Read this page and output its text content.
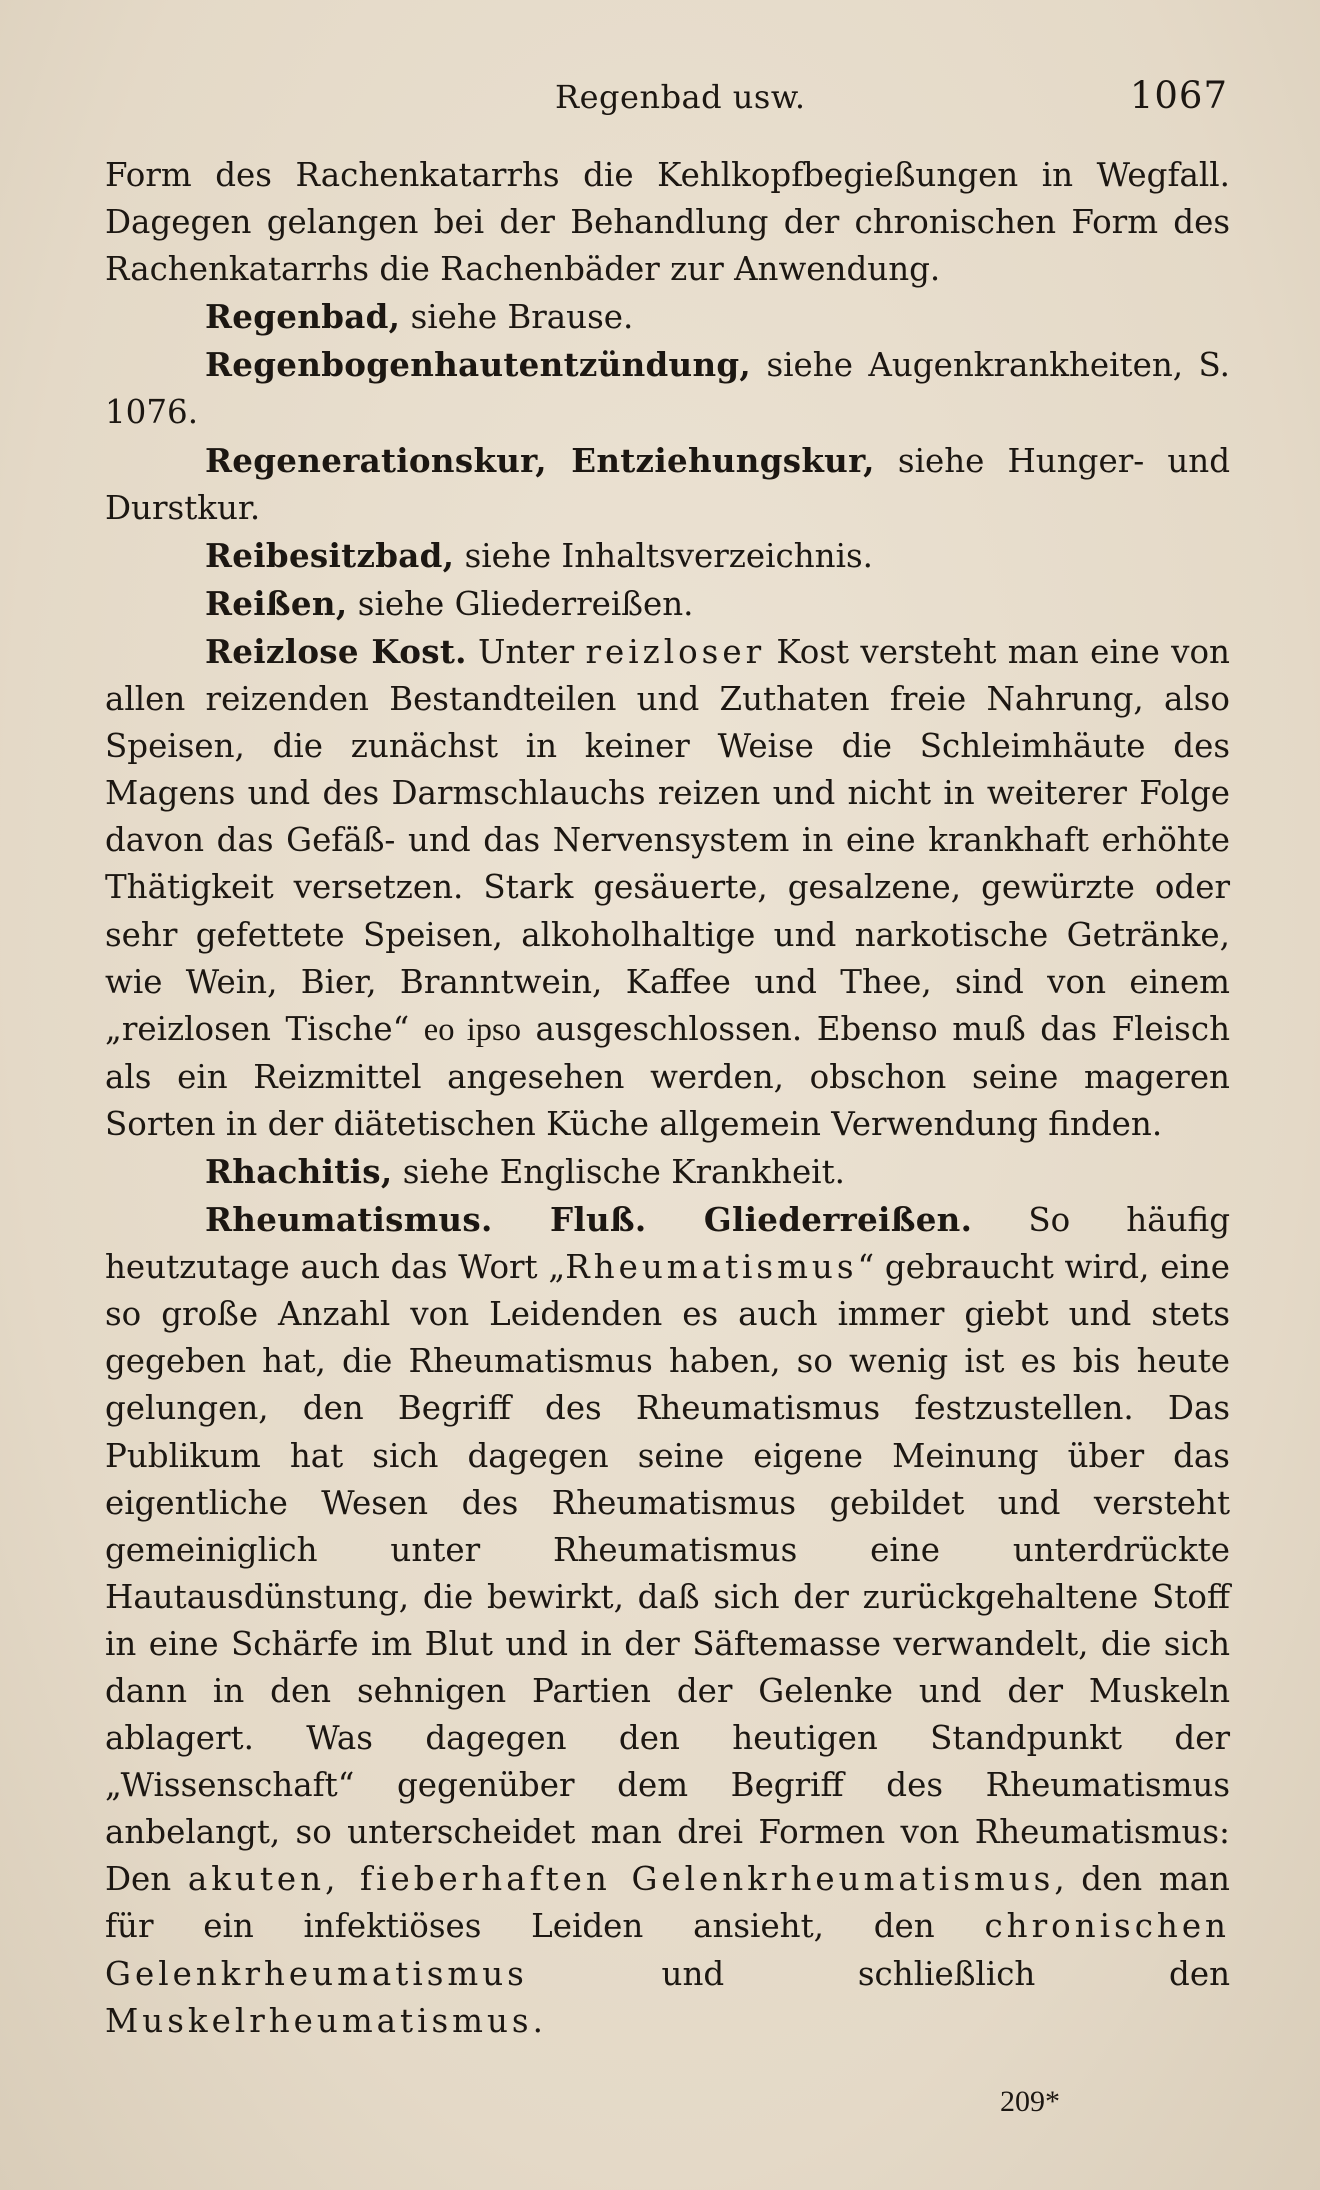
Regenbad usw.	1067

Form des Rachenkatarrhs die Kehlkopfbegießungen in Wegfall. Dagegen gelangen bei der Behandlung der chronischen Form des Rachenkatarrhs die Rachenbäder zur Anwendung.

Regenbad, siehe Brause.

Regenbogenhautentzündung, siehe Augenkrankheiten, S. 1076.

Regenerationskur, Entziehungskur, siehe Hunger- und Durstkur.

Reibesitzbad, siehe Inhaltsverzeichnis.

Reißen, siehe Gliederreißen.

Reizlose Kost. Unter reizloser Kost versteht man eine von allen reizenden Bestandteilen und Zuthaten freie Nahrung, also Speisen, die zunächst in keiner Weise die Schleimhäute des Magens und des Darmschlauchs reizen und nicht in weiterer Folge davon das Gefäß- und das Nervensystem in eine krankhaft erhöhte Thätigkeit versetzen. Stark gesäuerte, gesalzene, gewürzte oder sehr gefettete Speisen, alkoholhaltige und narkotische Getränke, wie Wein, Bier, Branntwein, Kaffee und Thee, sind von einem „reizlosen Tische“ eo ipso ausgeschlossen. Ebenso muß das Fleisch als ein Reizmittel angesehen werden, obschon seine mageren Sorten in der diätetischen Küche allgemein Verwendung finden.

Rhachitis, siehe Englische Krankheit.

Rheumatismus. Fluß. Gliederreißen. So häufig heutzutage auch das Wort „Rheumatismus“ gebraucht wird, eine so große Anzahl von Leidenden es auch immer giebt und stets gegeben hat, die Rheumatismus haben, so wenig ist es bis heute gelungen, den Begriff des Rheumatismus festzustellen. Das Publikum hat sich dagegen seine eigene Meinung über das eigentliche Wesen des Rheumatismus gebildet und versteht gemeiniglich unter Rheumatismus eine unterdrückte Hautausdünstung, die bewirkt, daß sich der zurückgehaltene Stoff in eine Schärfe im Blut und in der Säftemasse verwandelt, die sich dann in den sehnigen Partien der Gelenke und der Muskeln ablagert. Was dagegen den heutigen Standpunkt der „Wissenschaft“ gegenüber dem Begriff des Rheumatismus anbelangt, so unterscheidet man drei Formen von Rheumatismus: Den akuten, fieberhaften Gelenkrheumatismus, den man für ein infektiöses Leiden ansieht, den chronischen Gelenkrheumatismus und schließlich den Muskelrheumatismus.

209*
